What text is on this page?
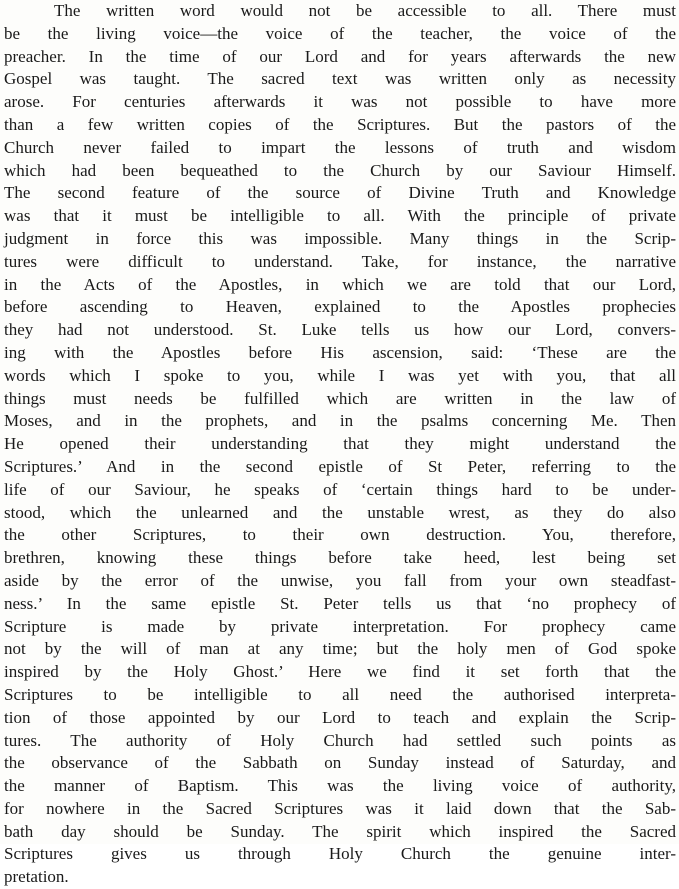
The written word would not be accessible to all. There must
be the living voice—the voice of the teacher, the voice of the
preacher. In the time of our Lord and for years afterwards the new
Gospel was taught. The sacred text was written only as necessity
arose. For centuries afterwards it was not possible to have more
than a few written copies of the Scriptures. But the pastors of the
Church never failed to impart the lessons of truth and wisdom
which had been bequeathed to the Church by our Saviour Himself.
The second feature of the source of Divine Truth and Knowledge
was that it must be intelligible to all. With the principle of private
judgment in force this was impossible. Many things in the Scrip-
tures were difficult to understand. Take, for instance, the narrative
in the Acts of the Apostles, in which we are told that our Lord,
before ascending to Heaven, explained to the Apostles prophecies
they had not understood. St. Luke tells us how our Lord, convers-
ing with the Apostles before His ascension, said: ‘These are the
words which I spoke to you, while I was yet with you, that all
things must needs be fulfilled which are written in the law of
Moses, and in the prophets, and in the psalms concerning Me. Then
He opened their understanding that they might understand the
Scriptures.’ And in the second epistle of St Peter, referring to the
life of our Saviour, he speaks of ‘certain things hard to be under-
stood, which the unlearned and the unstable wrest, as they do also
the other Scriptures, to their own destruction. You, therefore,
brethren, knowing these things before take heed, lest being set
aside by the error of the unwise, you fall from your own steadfast-
ness.’ In the same epistle St. Peter tells us that ‘no prophecy of
Scripture is made by private interpretation. For prophecy came
not by the will of man at any time; but the holy men of God spoke
inspired by the Holy Ghost.’ Here we find it set forth that the
Scriptures to be intelligible to all need the authorised interpreta-
tion of those appointed by our Lord to teach and explain the Scrip-
tures. The authority of Holy Church had settled such points as
the observance of the Sabbath on Sunday instead of Saturday, and
the manner of Baptism. This was the living voice of authority,
for nowhere in the Sacred Scriptures was it laid down that the Sab-
bath day should be Sunday. The spirit which inspired the Sacred
Scriptures gives us through Holy Church the genuine inter-
pretation.
